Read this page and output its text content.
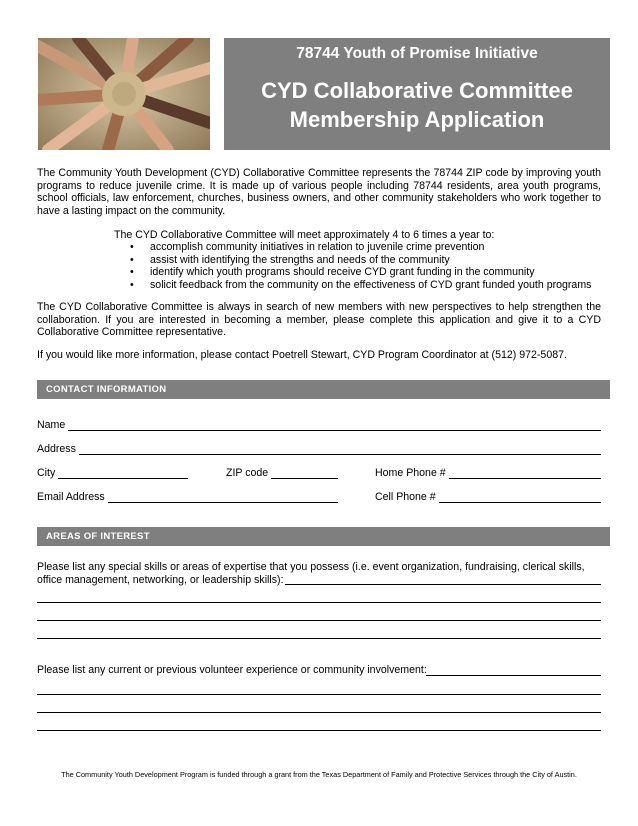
78744 Youth of Promise Initiative
CYD Collaborative Committee
Membership Application
The Community Youth Development (CYD) Collaborative Committee represents the 78744 ZIP code by improving youth programs to reduce juvenile crime. It is made up of various people including 78744 residents, area youth programs, school officials, law enforcement, churches, business owners, and other community stakeholders who work together to have a lasting impact on the community.
The CYD Collaborative Committee will meet approximately 4 to 6 times a year to:
• accomplish community initiatives in relation to juvenile crime prevention
• assist with identifying the strengths and needs of the community
• identify which youth programs should receive CYD grant funding in the community
• solicit feedback from the community on the effectiveness of CYD grant funded youth programs
The CYD Collaborative Committee is always in search of new members with new perspectives to help strengthen the collaboration. If you are interested in becoming a member, please complete this application and give it to a CYD Collaborative Committee representative.
If you would like more information, please contact Poetrell Stewart, CYD Program Coordinator at (512) 972-5087.
CONTACT INFORMATION
Name
Address
City	ZIP code	Home Phone #
Email Address	Cell Phone #
AREAS OF INTEREST
Please list any special skills or areas of expertise that you possess (i.e. event organization, fundraising, clerical skills, office management, networking, or leadership skills):
Please list any current or previous volunteer experience or community involvement:
The Community Youth Development Program is funded through a grant from the Texas Department of Family and Protective Services through the City of Austin.
